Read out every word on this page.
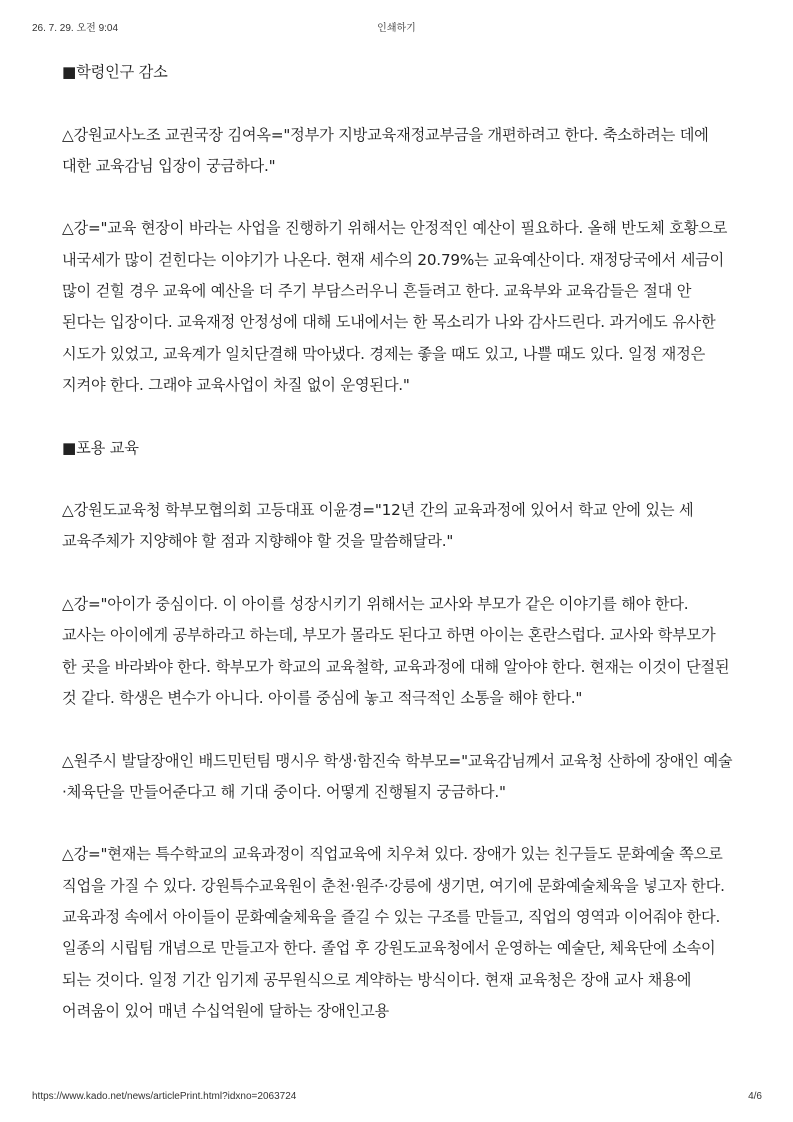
26. 7. 29. 오전 9:04	인쇄하기

■학령인구 감소

△강원교사노조 교권국장 김여옥="정부가 지방교육재정교부금을 개편하려고 한다. 축소하려는 데에 대한 교육감님 입장이 궁금하다."

△강="교육 현장이 바라는 사업을 진행하기 위해서는 안정적인 예산이 필요하다. 올해 반도체 호황으로 내국세가 많이 걷힌다는 이야기가 나온다. 현재 세수의 20.79%는 교육예산이다. 재정당국에서 세금이 많이 걷힐 경우 교육에 예산을 더 주기 부담스러우니 흔들려고 한다. 교육부와 교육감들은 절대 안 된다는 입장이다. 교육재정 안정성에 대해 도내에서는 한 목소리가 나와 감사드린다. 과거에도 유사한 시도가 있었고, 교육계가 일치단결해 막아냈다. 경제는 좋을 때도 있고, 나쁠 때도 있다. 일정 재정은 지켜야 한다. 그래야 교육사업이 차질 없이 운영된다."

■포용 교육

△강원도교육청 학부모협의회 고등대표 이윤경="12년 간의 교육과정에 있어서 학교 안에 있는 세 교육주체가 지양해야 할 점과 지향해야 할 것을 말씀해달라."

△강="아이가 중심이다. 이 아이를 성장시키기 위해서는 교사와 부모가 같은 이야기를 해야 한다. 교사는 아이에게 공부하라고 하는데, 부모가 몰라도 된다고 하면 아이는 혼란스럽다. 교사와 학부모가 한 곳을 바라봐야 한다. 학부모가 학교의 교육철학, 교육과정에 대해 알아야 한다. 현재는 이것이 단절된 것 같다. 학생은 변수가 아니다. 아이를 중심에 놓고 적극적인 소통을 해야 한다."

△원주시 발달장애인 배드민턴팀 맹시우 학생·함진숙 학부모="교육감님께서 교육청 산하에 장애인 예술·체육단을 만들어준다고 해 기대 중이다. 어떻게 진행될지 궁금하다."

△강="현재는 특수학교의 교육과정이 직업교육에 치우쳐 있다. 장애가 있는 친구들도 문화예술 쪽으로 직업을 가질 수 있다. 강원특수교육원이 춘천·원주·강릉에 생기면, 여기에 문화예술체육을 넣고자 한다. 교육과정 속에서 아이들이 문화예술체육을 즐길 수 있는 구조를 만들고, 직업의 영역과 이어줘야 한다. 일종의 시립팀 개념으로 만들고자 한다. 졸업 후 강원도교육청에서 운영하는 예술단, 체육단에 소속이 되는 것이다. 일정 기간 임기제 공무원식으로 계약하는 방식이다. 현재 교육청은 장애 교사 채용에 어려움이 있어 매년 수십억원에 달하는 장애인고용

https://www.kado.net/news/articlePrint.html?idxno=2063724	4/6
